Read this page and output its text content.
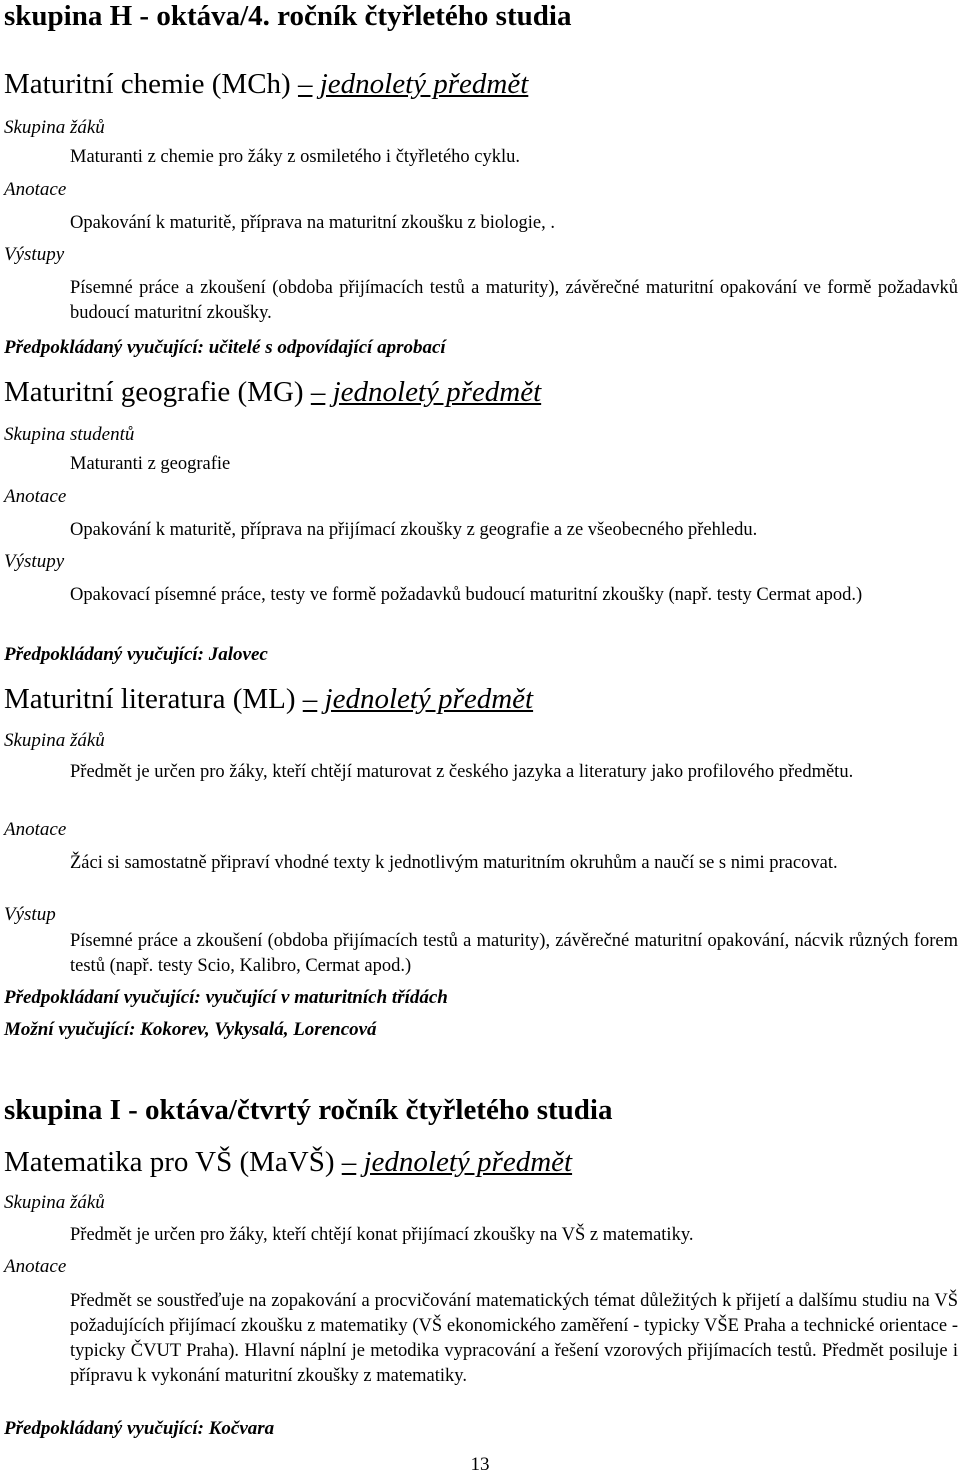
skupina H - oktáva/4. ročník čtyřletého studia
Maturitní chemie (MCh) – jednoletý předmět
Skupina žáků
Maturanti z chemie pro žáky z osmiletého i čtyřletého cyklu.
Anotace
Opakování k maturitě, příprava na maturitní zkoušku z biologie, .
Výstupy
Písemné práce a zkoušení (obdoba přijímacích testů a maturity), závěrečné maturitní opakování ve formě požadavků budoucí maturitní zkoušky.
Předpokládaný vyučující: učitelé s odpovídající aprobací
Maturitní geografie (MG) – jednoletý předmět
Skupina studentů
Maturanti z geografie
Anotace
Opakování k maturitě, příprava na přijímací zkoušky z geografie a ze všeobecného přehledu.
Výstupy
Opakovací písemné práce, testy ve formě požadavků budoucí maturitní zkoušky (např. testy Cermat apod.)
Předpokládaný vyučující: Jalovec
Maturitní literatura (ML) – jednoletý předmět
Skupina žáků
Předmět je určen pro žáky, kteří chtějí maturovat z českého jazyka a literatury jako profilového předmětu.
Anotace
Žáci si samostatně připraví vhodné texty k jednotlivým maturitním okruhům a naučí se s nimi pracovat.
Výstup
Písemné práce a zkoušení (obdoba přijímacích testů a maturity), závěrečné maturitní opakování, nácvik různých forem testů (např. testy Scio, Kalibro, Cermat apod.)
Předpokládaní vyučující: vyučující v maturitních třídách
Možní vyučující: Kokorev, Vykysalá, Lorencová
skupina I - oktáva/čtvrtý ročník čtyřletého studia
Matematika pro VŠ (MaVŠ) – jednoletý předmět
Skupina žáků
Předmět je určen pro žáky, kteří chtějí konat přijímací zkoušky na VŠ z matematiky.
Anotace
Předmět se soustřeďuje na zopakování a procvičování matematických témat důležitých k přijetí a dalšímu studiu na VŠ požadujících přijímací zkoušku z matematiky (VŠ ekonomického zaměření - typicky VŠE Praha a technické orientace - typicky ČVUT Praha). Hlavní náplní je metodika vypracování a řešení vzorových přijímacích testů. Předmět posiluje i přípravu k vykonání maturitní zkoušky z matematiky.
Předpokládaný vyučující: Kočvara
13
